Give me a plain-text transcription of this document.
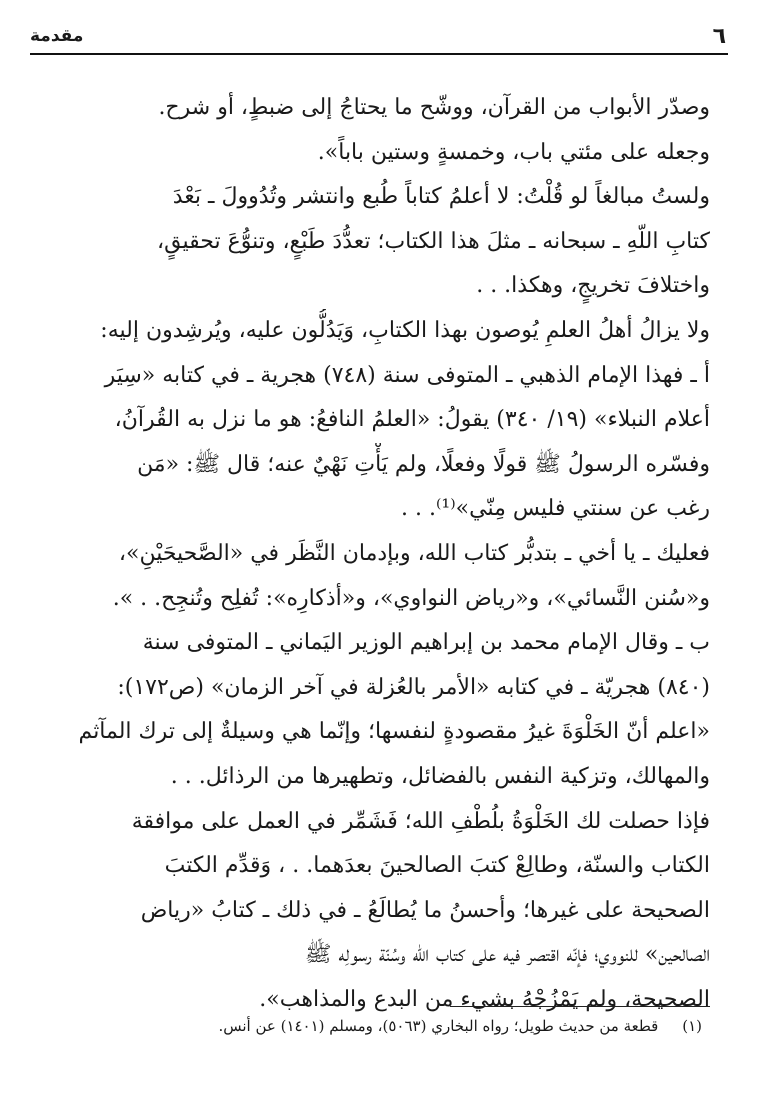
٦
مقدمة
وصدّر الأبواب من القرآن، ووشّح ما يحتاجُ إلى ضبطٍ، أو شرح.
وجعله على مئتي باب، وخمسةٍ وستين باباً».
ولستُ مبالغاً لو قُلْتُ: لا أعلمُ كتاباً طُبع وانتشر وتُدُوولَ ـ بَعْدَ
كتابِ اللّهِ ـ سبحانه ـ مثلَ هذا الكتاب؛ تعدُّدَ طَبْعٍ، وتنوُّعَ تحقيقٍ،
واختلافَ تخريجٍ، وهكذا. . .
ولا يزالُ أهلُ العلمِ يُوصون بهذا الكتابِ، وَيَدُلُّون عليه، ويُرشِدون إليه:
أ ـ فهذا الإمام الذهبي ـ المتوفى سنة (٧٤٨) هجرية ـ في كتابه «سِيَر
أعلام النبلاء» (١٩/ ٣٤٠) يقولُ: «العلمُ النافعُ: هو ما نزل به القُرآنُ،
وفسّره الرسولُ ﷺ قولًا وفعلًا، ولم يَأْتِ نَهْيٌ عنه؛ قال ﷺ: «مَن
رغب عن سنتي فليس مِنّي»⁽¹⁾. . .
فعليك ـ يا أخي ـ بتدبُّر كتاب الله، وبإدمان النَّظَر في «الصَّحيحَيْنِ»،
و«سُنن النَّسائي»، و«رياض النواوي»، و«أذكارِه»: تُفلِح وتُنجِح. . ».
ب ـ وقال الإمام محمد بن إبراهيم الوزير اليَماني ـ المتوفى سنة
(٨٤٠) هجريّة ـ في كتابه «الأمر بالعُزلة في آخر الزمان» (ص١٧٢):
«اعلم أنّ الخَلْوَةَ غيرُ مقصودةٍ لنفسها؛ وإنّما هي وسيلةٌ إلى ترك المآثم
والمهالك، وتزكية النفس بالفضائل، وتطهيرها من الرذائل. . .
فإذا حصلت لك الخَلْوَةُ بلُطْفِ الله؛ فَشَمِّر في العمل على موافقة
الكتاب والسنّة، وطالِعْ كتبَ الصالحينَ بعدَهما. . ، وَقدِّم الكتبَ
الصحيحة على غيرها؛ وأحسنُ ما يُطالَعُ ـ في ذلك ـ كتابُ «رياض
الصالحين» للنووي؛ فإنّه اقتصر فيه على كتاب الله وسُنّة رسولِه ﷺ
الصحيحة، ولم يَمْزُجْهُ بشيء من البدع والمذاهب».
(١)     قطعة من حديث طويل؛ رواه البخاري (٥٠٦٣)، ومسلم (١٤٠١) عن أنس.
